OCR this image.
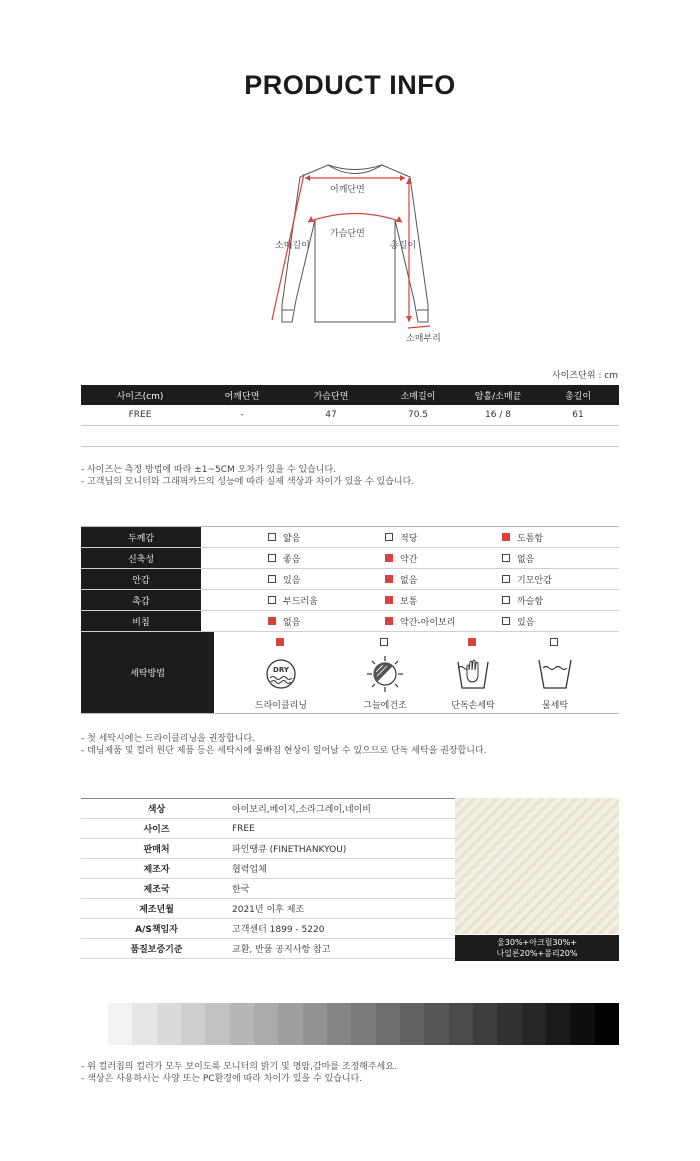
PRODUCT INFO
어깨단면
가슴단면
소매길이	총길이
소매부리
사이즈단위 : cm
사이즈(cm)	어깨단면	가슴단면	소매길이	암홀/소매끝	총길이
FREE	-	47	70.5	16 / 8	61

- 사이즈는 측정 방법에 따라 ±1~5CM 오차가 있을 수 있습니다.
- 고객님의 모니터와 그래픽카드의 성능에 따라 실제 색상과 차이가 있을 수 있습니다.
두께감	얇음	적당	도톰함
신축성	좋음	약간	없음
안감	있음	없음	기모안감
촉감	부드러움	보통	까슬함
비침	없음	약간-아이보리	있음
세탁방법	DRY
드라이클리닝	그늘에건조	단독손세탁	물세탁
- 첫 세탁시에는 드라이클리닝을 권장합니다.
- 데님제품 및 컬러 원단 제품 등은 세탁시에 물빠짐 현상이 일어날 수 있으므로 단독 세탁을 권장합니다.
색상	아이보리,베이지,소라그레이,네이비
사이즈	FREE
판매처	파인땡큐 (FINETHANKYOU)
제조자	협력업체
제조국	한국
제조년월	2021년 이후 제조
A/S책임자	고객센터 1899 - 5220
품질보증기준	교환, 반품 공지사항 참고
울30%+아크릴30%+
나일론20%+폴리20%
- 위 컬러칩의 컬러가 모두 보이도록 모니터의 밝기 및 명암,감마를 조정해주세요.
- 색상은 사용하시는 사양 또는 PC환경에 따라 차이가 있을 수 있습니다.
